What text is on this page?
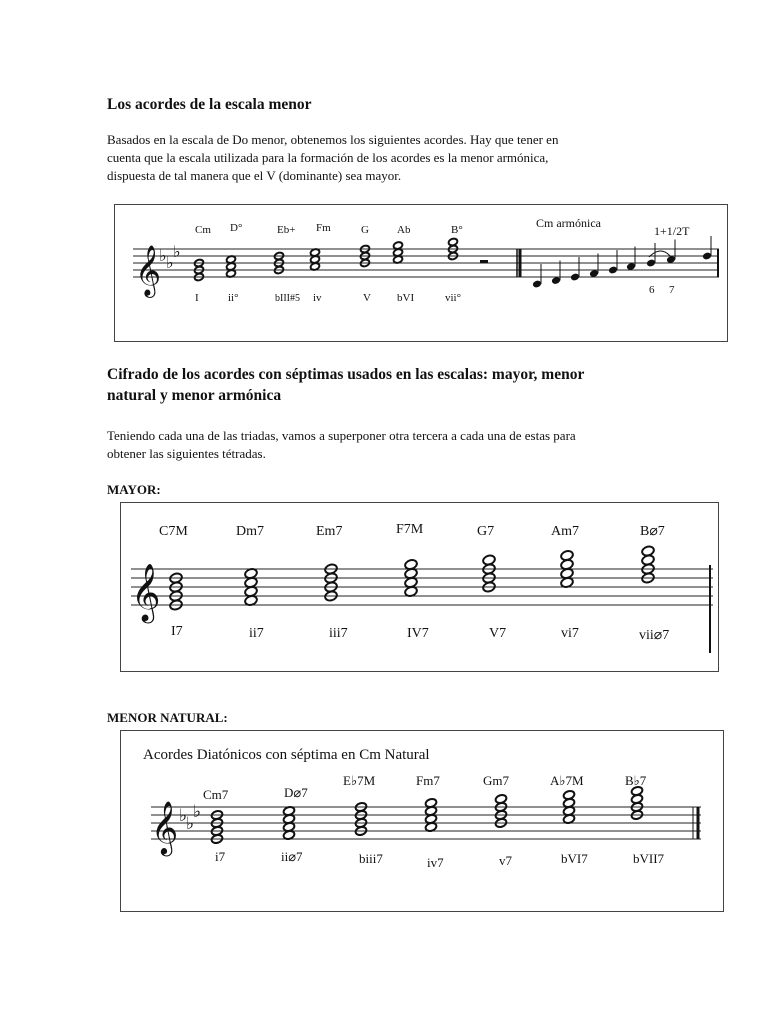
Los acordes de la escala menor

Basados en la escala de Do menor, obtenemos los siguientes acordes. Hay que tener en

cuenta que la escala utilizada para la formación de los acordes es la menor armónica,

dispuesta de tal manera que el V (dominante) sea mayor.

𝄞
♭ ♭
♭
Cm armónica
1+1/2T
6 7
Cm D°	Eb+ Fm	G	Ab	B°
I	ii°	bIII#5 iv	V bVI	vii°
Cifrado de los acordes con séptimas usados en las escalas: mayor, menor
natural y menor armónica

Teniendo cada una de las triadas, vamos a superponer otra tercera a cada una de estas para

obtener las siguientes tétradas.

MAYOR:
𝄞
C7M	Dm7	Em7	F7M	G7	Am7	B⌀7
I7	ii7	iii7	IV7	V7	vi7	vii⌀7
MENOR NATURAL:
Acordes Diatónicos con séptima en Cm Natural
𝄞 ♭
♭
♭
Cm7	D⌀7
E♭7M	Fm7	Gm7	A♭7M	B♭7
i7	ii⌀7	biii7	iv7	v7	bVI7	bVII7
